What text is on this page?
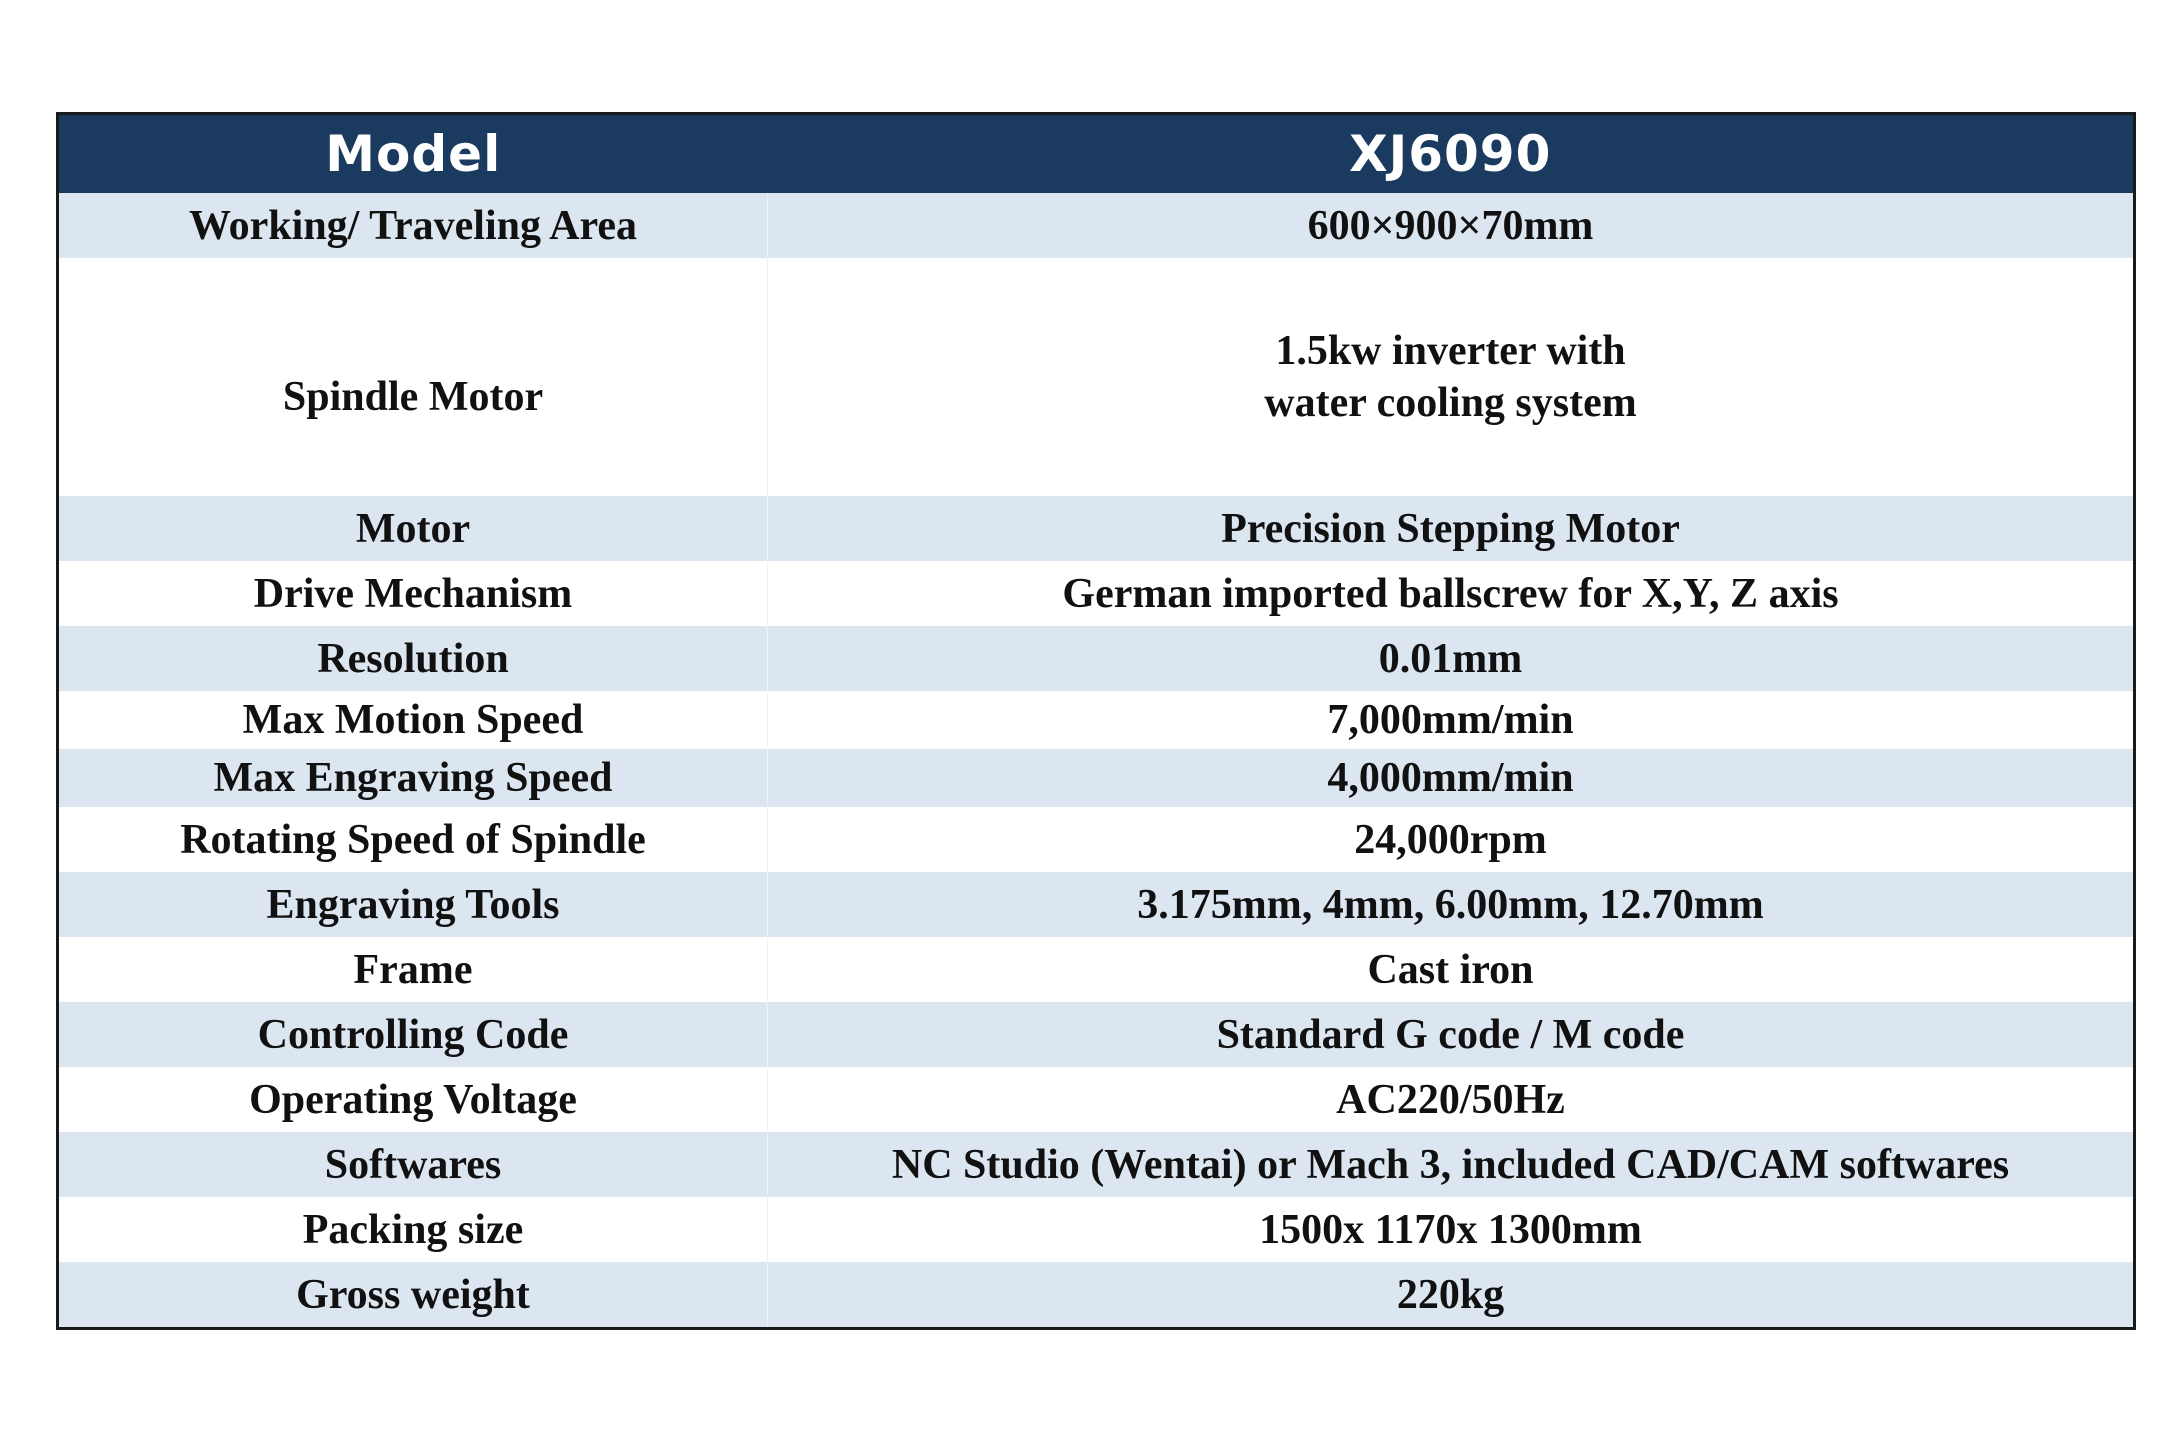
Model	XJ6090
Working/ Traveling Area	600×900×70mm
Spindle Motor	1.5kw inverter with
water cooling system

Motor	Precision Stepping Motor
Drive Mechanism	German imported ballscrew for X,Y, Z axis
Resolution	0.01mm
Max Motion Speed	7,000mm/min
Max Engraving Speed	4,000mm/min
Rotating Speed of Spindle	24,000rpm
Engraving Tools	3.175mm, 4mm, 6.00mm, 12.70mm
Frame	Cast iron
Controlling Code	Standard G code / M code
Operating Voltage	AC220/50Hz
Softwares	NC Studio (Wentai) or Mach 3, included CAD/CAM softwares
Packing size	1500x 1170x 1300mm
Gross weight	220kg
